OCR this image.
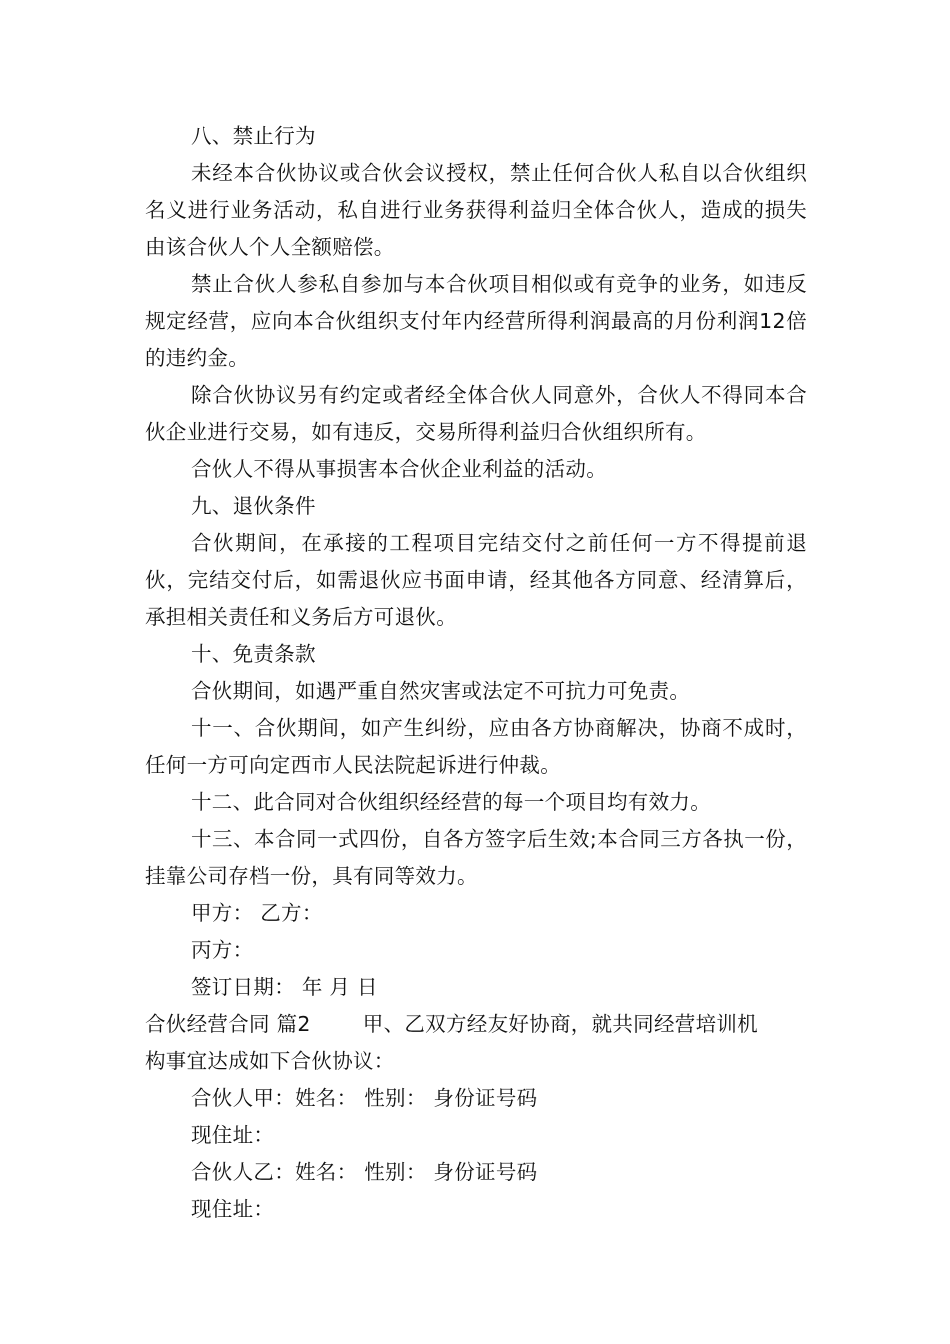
八、禁止行为

未经本合伙协议或合伙会议授权，禁止任何合伙人私自以合伙组织名义进行业务活动，私自进行业务获得利益归全体合伙人，造成的损失由该合伙人个人全额赔偿。

禁止合伙人参私自参加与本合伙项目相似或有竞争的业务，如违反规定经营，应向本合伙组织支付年内经营所得利润最高的月份利润12倍的违约金。

除合伙协议另有约定或者经全体合伙人同意外，合伙人不得同本合伙企业进行交易，如有违反，交易所得利益归合伙组织所有。

合伙人不得从事损害本合伙企业利益的活动。

九、退伙条件

合伙期间，在承接的工程项目完结交付之前任何一方不得提前退伙，完结交付后，如需退伙应书面申请，经其他各方同意、经清算后，承担相关责任和义务后方可退伙。

十、免责条款

合伙期间，如遇严重自然灾害或法定不可抗力可免责。

十一、合伙期间，如产生纠纷，应由各方协商解决，协商不成时，任何一方可向定西市人民法院起诉进行仲裁。

十二、此合同对合伙组织经经营的每一个项目均有效力。

十三、本合同一式四份，自各方签字后生效;本合同三方各执一份，挂靠公司存档一份，具有同等效力。

甲方： 乙方：

丙方：

签订日期： 年 月 日

合伙经营合同 篇2	甲、乙双方经友好协商，就共同经营培训机
构事宜达成如下合伙协议：

合伙人甲：姓名： 性别： 身份证号码

现住址：

合伙人乙：姓名： 性别： 身份证号码

现住址：
